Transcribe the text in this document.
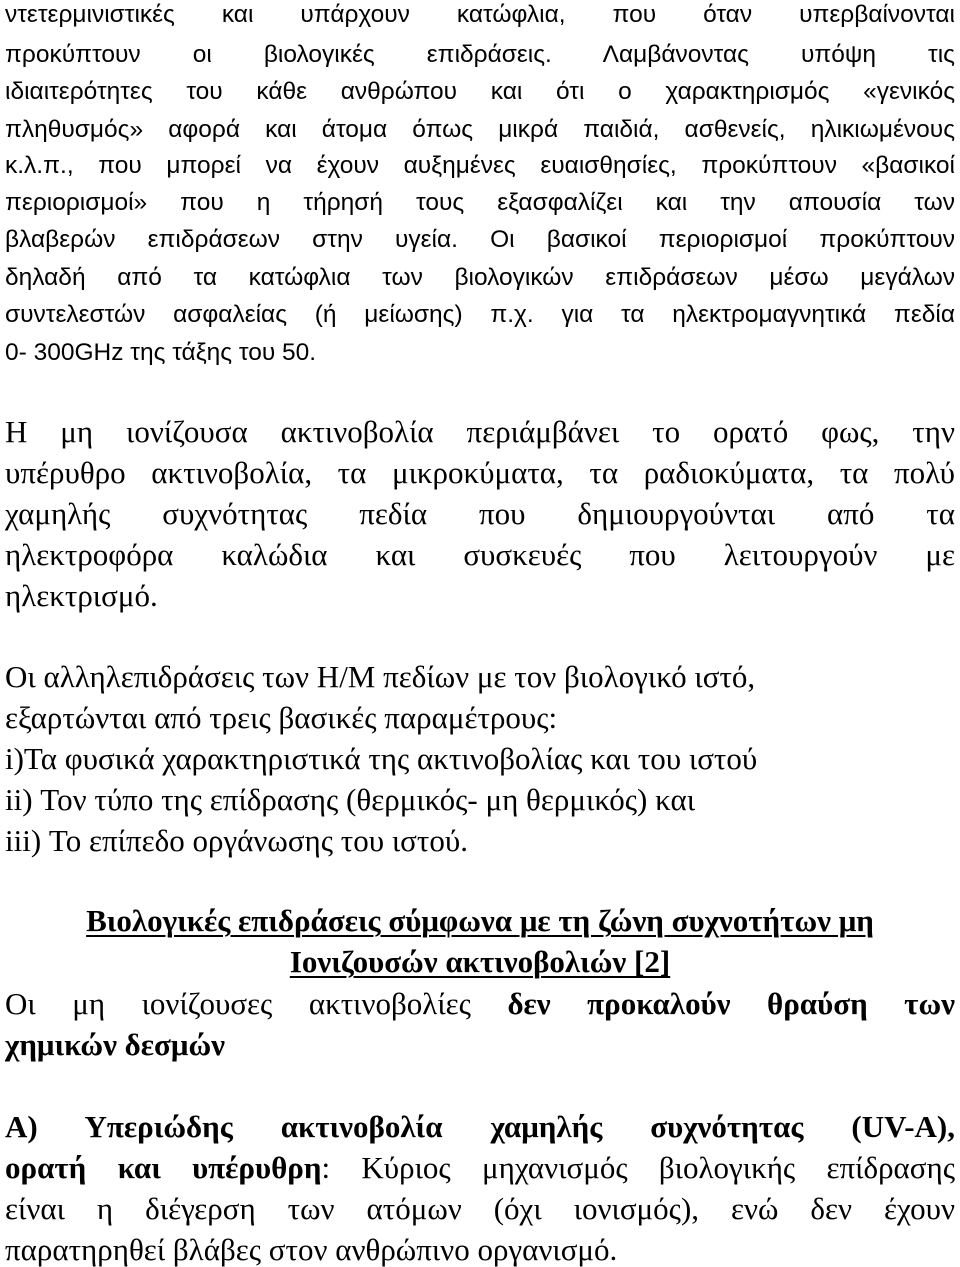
ντετερμινιστικές και υπάρχουν κατώφλια, που όταν υπερβαίνονται
προκύπτουν οι βιολογικές επιδράσεις. Λαμβάνοντας υπόψη τις
ιδιαιτερότητες του κάθε ανθρώπου και ότι ο χαρακτηρισμός «γενικός
πληθυσμός» αφορά και άτομα όπως μικρά παιδιά, ασθενείς, ηλικιωμένους
κ.λ.π., που μπορεί να έχουν αυξημένες ευαισθησίες, προκύπτουν «βασικοί
περιορισμοί» που η τήρησή τους εξασφαλίζει και την απουσία των
βλαβερών επιδράσεων στην υγεία. Οι βασικοί περιορισμοί προκύπτουν
δηλαδή από τα κατώφλια των βιολογικών επιδράσεων μέσω μεγάλων
συντελεστών ασφαλείας (ή μείωσης) π.χ. για τα ηλεκτρομαγνητικά πεδία
0- 300GHz της τάξης του 50.
Η μη ιονίζουσα ακτινοβολία περιάμβάνει το ορατό φως, την
υπέρυθρο ακτινοβολία, τα μικροκύματα, τα ραδιοκύματα, τα πολύ
χαμηλής συχνότητας πεδία που δημιουργούνται από τα
ηλεκτροφόρα καλώδια και συσκευές που λειτουργούν με
ηλεκτρισμό.
Οι αλληλεπιδράσεις των Η/Μ πεδίων με τον βιολογικό ιστό,
εξαρτώνται από τρεις βασικές παραμέτρους:
i)Τα φυσικά χαρακτηριστικά της ακτινοβολίας και του ιστού
ii) Τον τύπο της επίδρασης (θερμικός- μη θερμικός) και
iii) Το επίπεδο οργάνωσης του ιστού.
Βιολογικές επιδράσεις σύμφωνα με τη ζώνη συχνοτήτων μη
Ιονιζουσών ακτινοβολιών [2]
Οι μη ιονίζουσες ακτινοβολίες δεν προκαλούν θραύση των
χημικών δεσμών
Α) Υπεριώδης ακτινοβολία χαμηλής συχνότητας (UV-A),
ορατή και υπέρυθρη: Κύριος μηχανισμός βιολογικής επίδρασης
είναι η διέγερση των ατόμων (όχι ιονισμός), ενώ δεν έχουν
παρατηρηθεί βλάβες στον ανθρώπινο οργανισμό.
